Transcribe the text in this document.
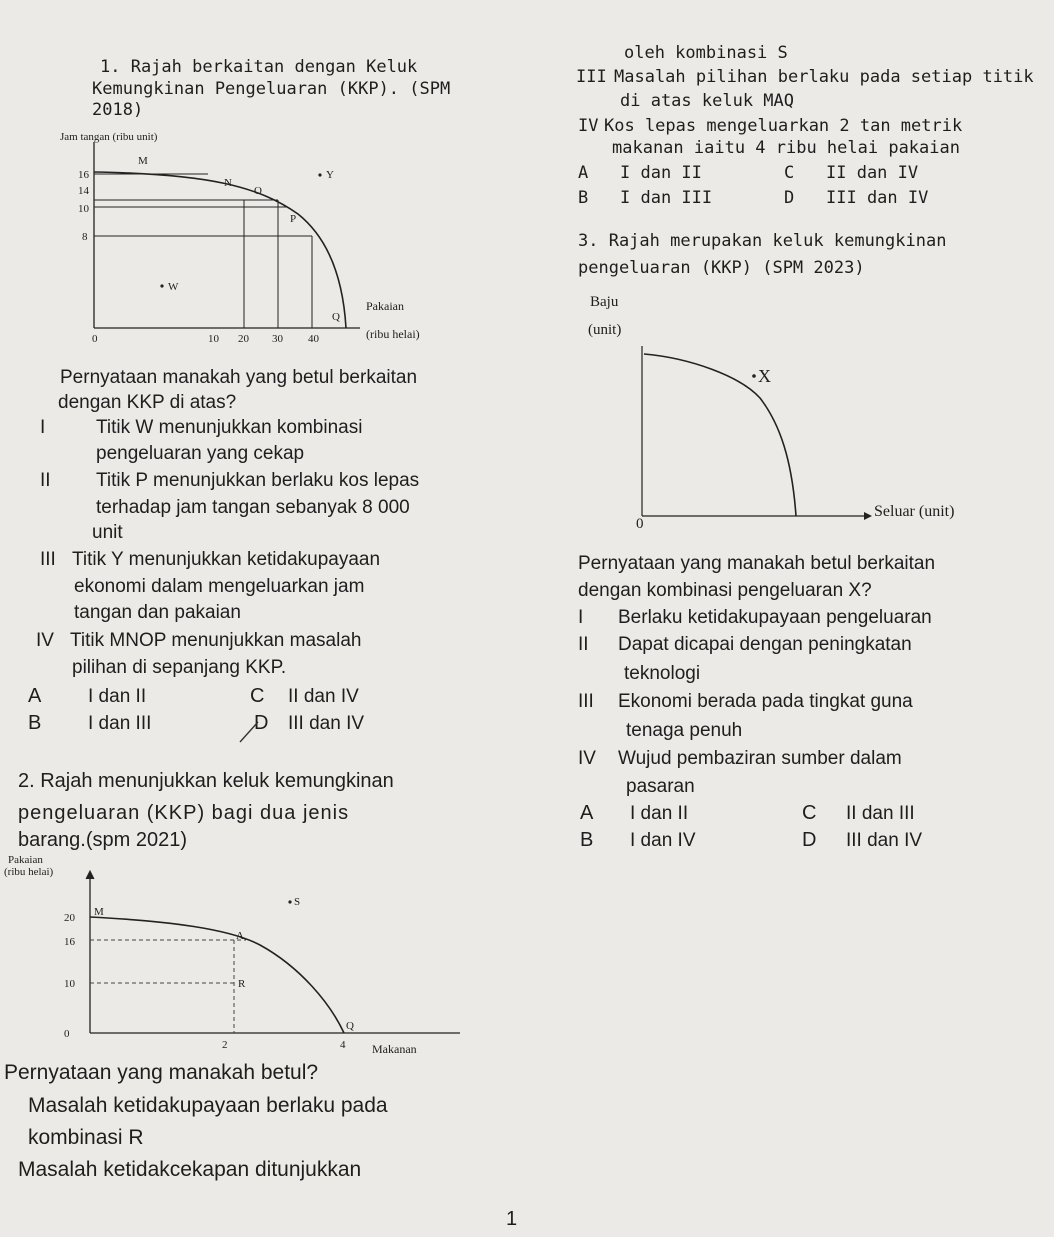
1. Rajah berkaitan dengan Keluk
Kemungkinan Pengeluaran (KKP). (SPM
2018)
Jam tangan (ribu unit)
16
14
10
8
0	10 20 30 40
M
N
O
P
Q
Y
W
Pakaian
(ribu helai)
Pernyataan manakah yang betul berkaitan
dengan KKP di atas?
I	Titik W menunjukkan kombinasi
pengeluaran yang cekap
II Titik P menunjukkan berlaku kos lepas
terhadap jam tangan sebanyak 8 000
unit
III Titik Y menunjukkan ketidakupayaan
ekonomi dalam mengeluarkan jam
tangan dan pakaian
IV Titik MNOP menunjukkan masalah
pilihan di sepanjang KKP.
A I dan II
B I dan III
C II dan IV
D III dan IV
2. Rajah menunjukkan keluk kemungkinan
pengeluaran (KKP) bagi dua jenis
barang.(spm 2021)
Pakaian
(ribu helai)
20
16
10
0
2	4
M
A
R
Q
S
Makanan
Pernyataan yang manakah betul?
Masalah ketidakupayaan berlaku pada
kombinasi R
Masalah ketidakcekapan ditunjukkan
oleh kombinasi S
III Masalah pilihan berlaku pada setiap titik
di atas keluk MAQ
IV Kos lepas mengeluarkan 2 tan metrik
makanan iaitu 4 ribu helai pakaian
A I dan II	C II dan IV
B I dan III	D III dan IV
3. Rajah merupakan keluk kemungkinan
pengeluaran (KKP) (SPM 2023)
Baju
(unit)
0
X
Seluar (unit)
Pernyataan yang manakah betul berkaitan
dengan kombinasi pengeluaran X?
I Berlaku ketidakupayaan pengeluaran
II Dapat dicapai dengan peningkatan
teknologi
III Ekonomi berada pada tingkat guna
tenaga penuh
IV Wujud pembaziran sumber dalam
pasaran
A I dan II	C II dan III
B I dan IV	D III dan IV
1
